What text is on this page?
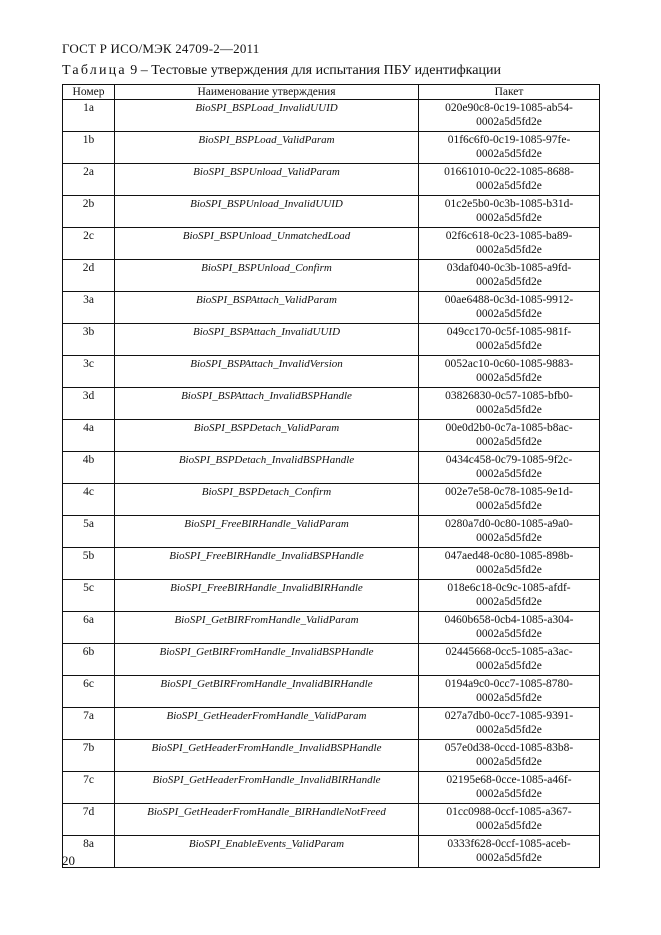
ГОСТ Р ИСО/МЭК 24709-2—2011
Таблица 9 – Тестовые утверждения для испытания ПБУ идентифкации
Номер	Наименование утверждения	Пакет
1a	BioSPI_BSPLoad_InvalidUUID	020e90c8-0c19-1085-ab54-
0002a5d5fd2e

1b	BioSPI_BSPLoad_ValidParam	01f6c6f0-0c19-1085-97fe-
0002a5d5fd2e

2a	BioSPI_BSPUnload_ValidParam	01661010-0c22-1085-8688-
0002a5d5fd2e

2b	BioSPI_BSPUnload_InvalidUUID	01c2e5b0-0c3b-1085-b31d-
0002a5d5fd2e

2c	BioSPI_BSPUnload_UnmatchedLoad	02f6c618-0c23-1085-ba89-
0002a5d5fd2e

2d	BioSPI_BSPUnload_Confirm	03daf040-0c3b-1085-a9fd-
0002a5d5fd2e

3a	BioSPI_BSPAttach_ValidParam	00ae6488-0c3d-1085-9912-
0002a5d5fd2e

3b	BioSPI_BSPAttach_InvalidUUID	049cc170-0c5f-1085-981f-
0002a5d5fd2e

3c	BioSPI_BSPAttach_InvalidVersion	0052ac10-0c60-1085-9883-
0002a5d5fd2e

3d	BioSPI_BSPAttach_InvalidBSPHandle	03826830-0c57-1085-bfb0-
0002a5d5fd2e

4a	BioSPI_BSPDetach_ValidParam	00e0d2b0-0c7a-1085-b8ac-
0002a5d5fd2e

4b	BioSPI_BSPDetach_InvalidBSPHandle	0434c458-0c79-1085-9f2c-
0002a5d5fd2e

4c	BioSPI_BSPDetach_Confirm	002e7e58-0c78-1085-9e1d-
0002a5d5fd2e

5a	BioSPI_FreeBIRHandle_ValidParam	0280a7d0-0c80-1085-a9a0-
0002a5d5fd2e

5b	BioSPI_FreeBIRHandle_InvalidBSPHandle	047aed48-0c80-1085-898b-
0002a5d5fd2e

5c	BioSPI_FreeBIRHandle_InvalidBIRHandle	018e6c18-0c9c-1085-afdf-
0002a5d5fd2e

6a	BioSPI_GetBIRFromHandle_ValidParam	0460b658-0cb4-1085-a304-
0002a5d5fd2e

6b	BioSPI_GetBIRFromHandle_InvalidBSPHandle	02445668-0cc5-1085-a3ac-
0002a5d5fd2e

6c	BioSPI_GetBIRFromHandle_InvalidBIRHandle	0194a9c0-0cc7-1085-8780-
0002a5d5fd2e

7a	BioSPI_GetHeaderFromHandle_ValidParam	027a7db0-0cc7-1085-9391-
0002a5d5fd2e

7b	BioSPI_GetHeaderFromHandle_InvalidBSPHandle	057e0d38-0ccd-1085-83b8-
0002a5d5fd2e

7c	BioSPI_GetHeaderFromHandle_InvalidBIRHandle	02195e68-0cce-1085-a46f-
0002a5d5fd2e

7d	BioSPI_GetHeaderFromHandle_BIRHandleNotFreed	01cc0988-0ccf-1085-a367-
0002a5d5fd2e

8a	BioSPI_EnableEvents_ValidParam	0333f628-0ccf-1085-aceb-
0002a5d5fd2e
20
